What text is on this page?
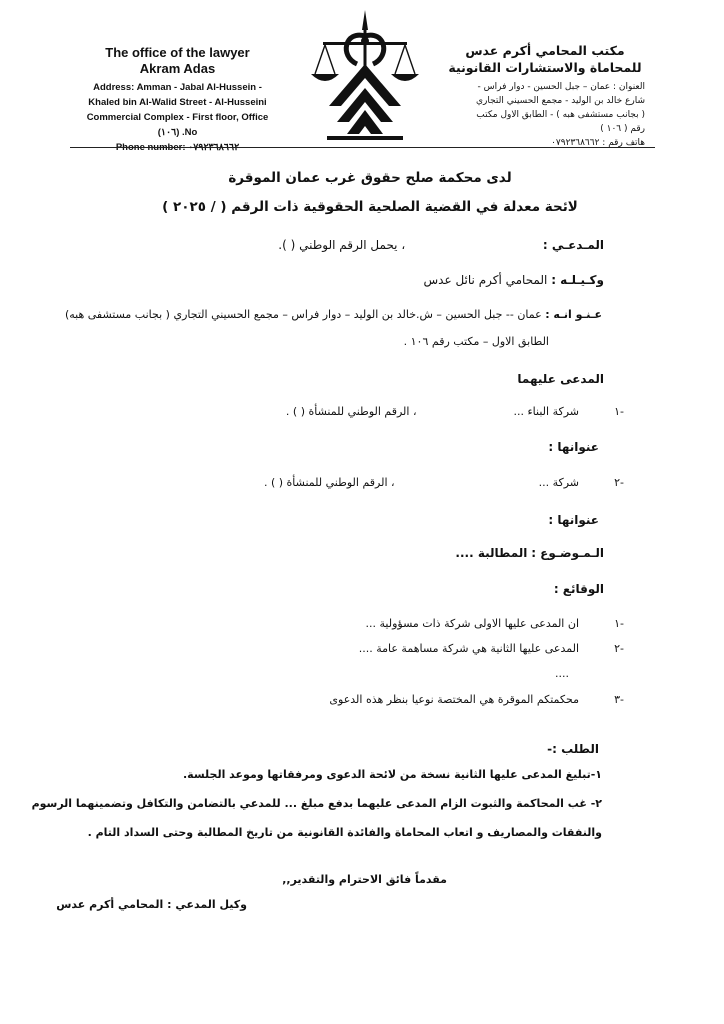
The office of the lawyer
Akram Adas
Address: Amman - Jabal Al-Hussein -
Khaled bin Al-Walid Street - Al-Husseini
Commercial Complex - First floor, Office
(١٠٦) .No
Phone number: ٠٧٩٢٣٦٨٦٦٢
مكتب المحامي أكرم عدس
للمحاماة والاستشارات القانونية
العنوان : عمان – جبل الحسين - دوار فراس -
شارع خالد بن الوليد - مجمع الحسيني التجاري
( بجانب مستشفى هبه ) - الطابق الاول مكتب
رقم ( ١٠٦ )
هاتف رقم : ٠٧٩٢٣٦٨٦٦٢
لدى محكمة صلح حقوق غرب عمان الموقرة
لائحة معدلة في القضية الصلحية الحقوقية ذات الرقم ( / ٢٠٢٥ )
المـدعـي :  ، يحمل الرقم الوطني ( ).
وكـيـلـه : المحامي أكرم نائل عدس
عـنـو انـه : عمان -- جبل الحسين – ش.خالد بن الوليد – دوار فراس – مجمع الحسيني التجاري ( بجانب مستشفى هبه)
الطابق الاول – مكتب رقم ١٠٦ .
المدعى عليهما
-١  شركة البناء ...  ، الرقم الوطني للمنشأة ( ) .
عنوانها :
-٢  شركة ...  ، الرقم الوطني للمنشأة ( ) .
عنوانها :
الـمـوضـوع : المطالبة ....
الوقائع :
-١  ان المدعى عليها الاولى شركة ذات مسؤولية ...
-٢  المدعى عليها الثانية هي شركة مساهمة عامة ....
....
-٣  محكمتكم الموقرة هي المختصة نوعيا بنظر هذه الدعوى
الطلب :-
١-تبليغ المدعى عليها الثانية نسخة من لائحة الدعوى ومرفقاتها وموعد الجلسة.
٢- غب المحاكمة والثبوت الزام المدعى عليهما بدفع مبلغ ... للمدعي بالتضامن والتكافل وتضمينهما الرسوم
والنفقات والمصاريف و اتعاب المحاماة والفائدة القانونية من تاريخ المطالبة وحتى السداد التام .
مقدماً فائق الاحترام والتقدير,,
وكيل المدعي : المحامي أكرم عدس
